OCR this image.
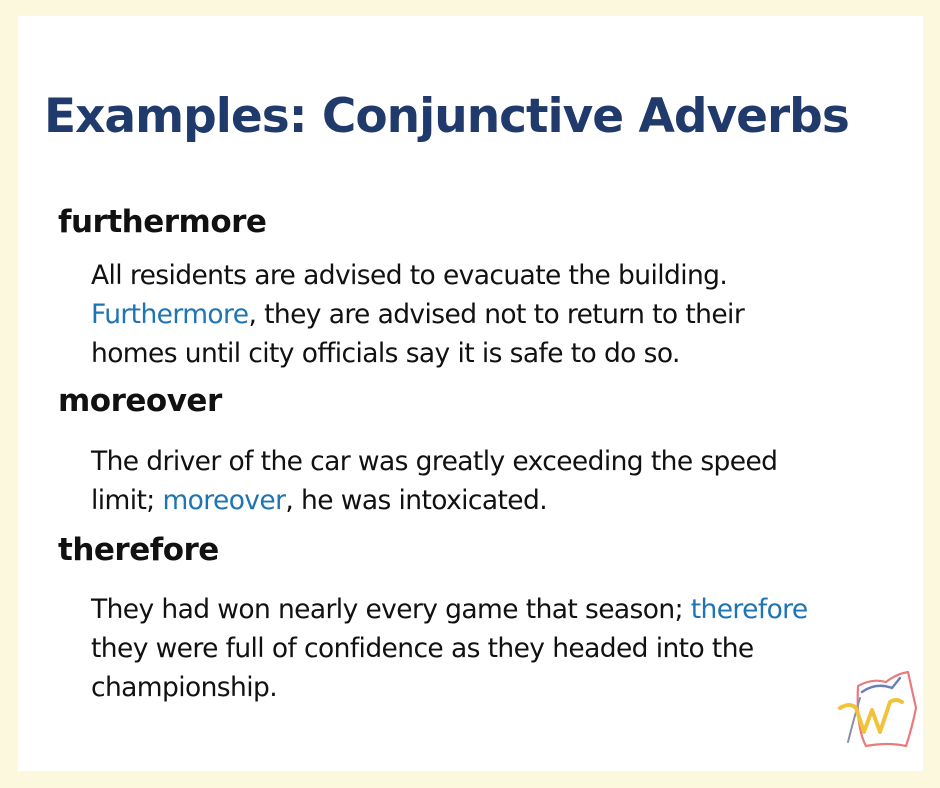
Examples: Conjunctive Adverbs
furthermore

All residents are advised to evacuate the building.
Furthermore, they are advised not to return to their
homes until city officials say it is safe to do so.

moreover

The driver of the car was greatly exceeding the speed
limit; moreover, he was intoxicated.

therefore

They had won nearly every game that season; therefore
they were full of confidence as they headed into the
championship.
